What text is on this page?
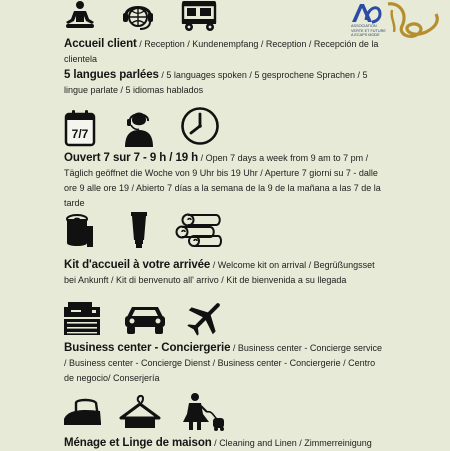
ASSOCIATION
VERTE ET FUTURE
A ECAPS MODE
Accueil client / Reception / Kundenempfang / Reception / Recepción de la clientela
5 langues parlées / 5 languages spoken / 5 gesprochene Sprachen / 5 lingue parlate / 5 idiomas hablados
7/7
Ouvert 7 sur 7 - 9 h / 19 h / Open 7 days a week from 9 am to 7 pm / Täglich geöffnet die Woche von 9 Uhr bis 19 Uhr / Aperture 7 giorni su 7 - dalle ore 9 alle ore 19 / Abierto 7 días a la semana de la 9 de la mañana a las 7 de la tarde
Kit d'accueil à votre arrivée / Welcome kit on arrival / Begrüßungsset bei Ankunft / Kit di benvenuto all' arrivo / Kit de bienvenida a su llegada
Business center - Conciergerie / Business center - Concierge service / Business center - Concierge Dienst / Business center - Conciergerie / Centro de negocio/ Conserjería
Ménage et Linge de maison / Cleaning and Linen / Zimmerreinigung
